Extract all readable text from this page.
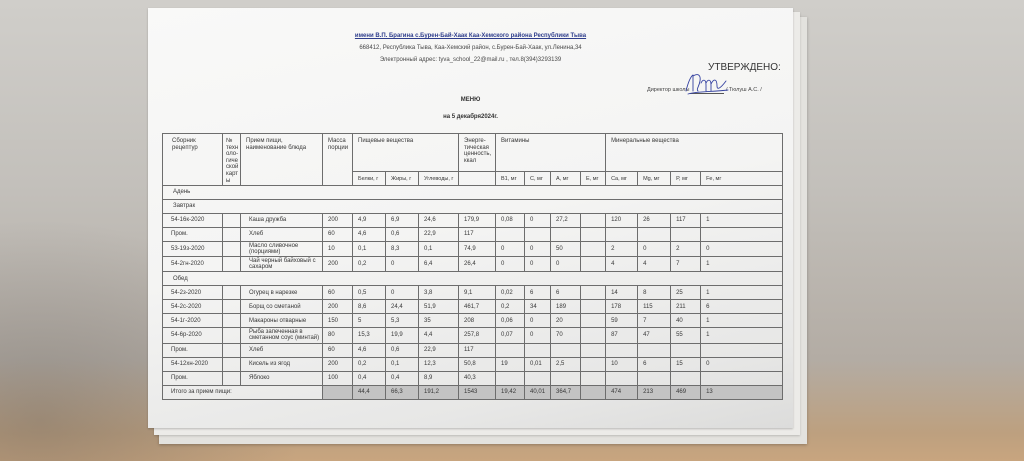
имени В.П. Брагина с.Бурен-Бай-Хаак Каа-Хемского района Республики Тыва
668412, Республика Тыва, Каа-Хемский район, с.Бурен-Бай-Хаак, ул.Ленина,34
Электронный адрес: tyva_school_22@mail.ru , тел.8(394)3293139
УТВЕРЖДЕНО:
Директор школы	/ Тюлуш А.С. /
МЕНЮ
на 5 декабря2024г.
Сборник рецептур	№ техноло-гической карты	Прием пищи, наименование блюда	Масса порции	Пищевые вещества			Энерге-тическая ценность, ккал	Витамины				Минеральные вещества			
				Белки, г	Жиры, г	Углеводы, г		B1, мг	C, мг	A, мг	E, мг	Ca, мг	Mg, мг	P, мг	Fe, мг
Адень															
Завтрак															
54-16к-2020		Каша дружба	200	4,9	6,9	24,6	179,9	0,08	0	27,2		120	26	117	1
Пром.		Хлеб	60	4,6	0,6	22,9	117								
53-19з-2020		Масло сливочное (порциями)	10	0,1	8,3	0,1	74,9	0	0	50		2	0	2	0
54-2гн-2020		Чай черный байховый с сахаром	200	0,2	0	6,4	26,4	0	0	0		4	4	7	1
Обед															
54-2з-2020		Огурец в нарезке	60	0,5	0	3,8	9,1	0,02	6	6		14	8	25	1
54-2с-2020		Борщ со сметаной	200	8,6	24,4	51,9	461,7	0,2	34	189		178	115	211	6
54-1г-2020		Макароны отварные	150	5	5,3	35	208	0,06	0	20		59	7	40	1
54-6р-2020		Рыба запеченная в сметанном соус (минтай)	80	15,3	19,9	4,4	257,8	0,07	0	70		87	47	55	1
Пром.		Хлеб	60	4,6	0,6	22,9	117								
54-12хн-2020		Кисель из ягод	200	0,2	0,1	12,3	50,8	19	0,01	2,5		10	6	15	0
Пром.		Яблоко	100	0,4	0,4	8,9	40,3								
Итого за прием пищи:				44,4	66,3	191,2	1543	19,42	40,01	364,7		474	213	469	13
